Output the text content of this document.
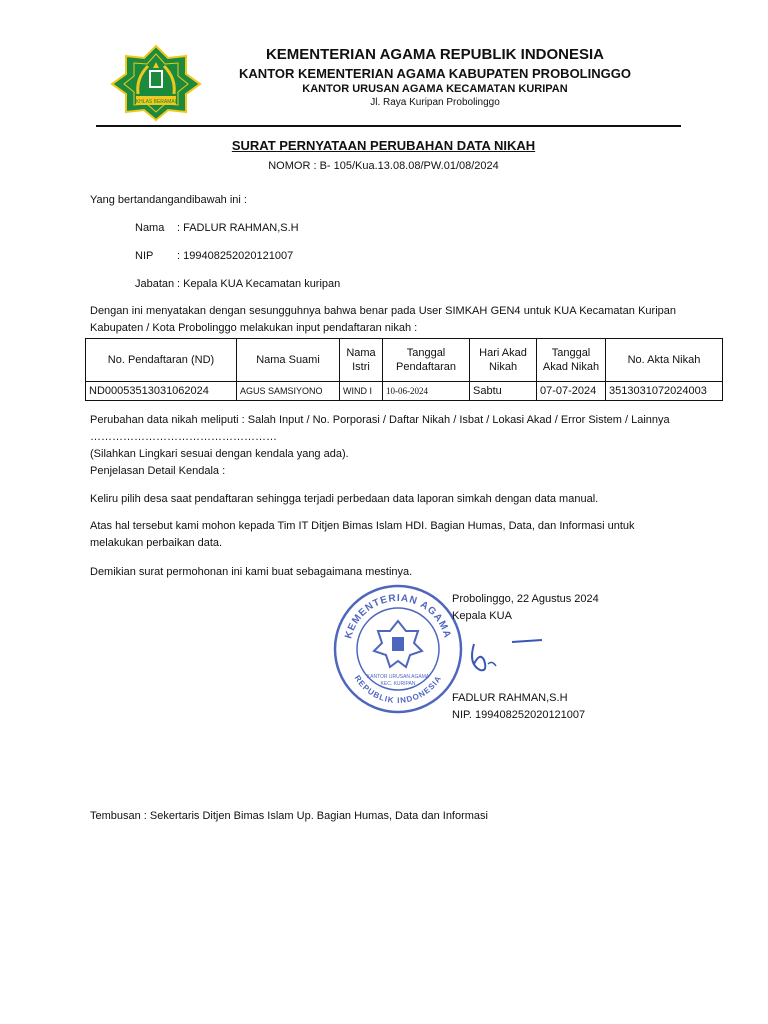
IKHLAS BERAMAL
KEMENTERIAN AGAMA REPUBLIK INDONESIA
KANTOR KEMENTERIAN AGAMA KABUPATEN PROBOLINGGO
KANTOR URUSAN AGAMA KECAMATAN KURIPAN
Jl. Raya Kuripan Probolinggo
SURAT PERNYATAAN PERUBAHAN DATA NIKAH
NOMOR : B- 105/Kua.13.08.08/PW.01/08/2024
Yang bertandangandibawah ini :
Nama : FADLUR RAHMAN,S.H
NIP : 199408252020121007
Jabatan : Kepala KUA Kecamatan kuripan
Dengan ini menyatakan dengan sesungguhnya bahwa benar pada User SIMKAH GEN4 untuk KUA Kecamatan Kuripan Kabupaten / Kota Probolinggo melakukan input pendaftaran nikah :
No. Pendaftaran (ND)	Nama Suami	Nama Istri	Tanggal Pendaftaran	Hari Akad Nikah	Tanggal Akad Nikah	No. Akta Nikah
ND00053513031062024	AGUS SAMSIYONO	WIND I	10-06-2024	Sabtu	07-07-2024	3513031072024003
Perubahan data nikah meliputi : Salah Input / No. Porporasi / Daftar Nikah / Isbat / Lokasi Akad / Error Sistem / Lainnya ……………………………………………
(Silahkan Lingkari sesuai dengan kendala yang ada).
Penjelasan Detail Kendala :
Keliru pilih desa saat pendaftaran sehingga terjadi perbedaan data laporan simkah dengan data manual.
Atas hal tersebut kami mohon kepada Tim IT Ditjen Bimas Islam HDI. Bagian Humas, Data, dan Informasi untuk melakukan perbaikan data.
Demikian surat permohonan ini kami buat sebagaimana mestinya.
KEMENTERIAN AGAMA
REPUBLIK INDONESIA
KANTOR URUSAN AGAMA
KEC. KURIPAN
Probolinggo, 22 Agustus 2024
Kepala KUA
FADLUR RAHMAN,S.H
NIP. 199408252020121007
Tembusan : Sekertaris Ditjen Bimas Islam Up. Bagian Humas, Data dan Informasi
